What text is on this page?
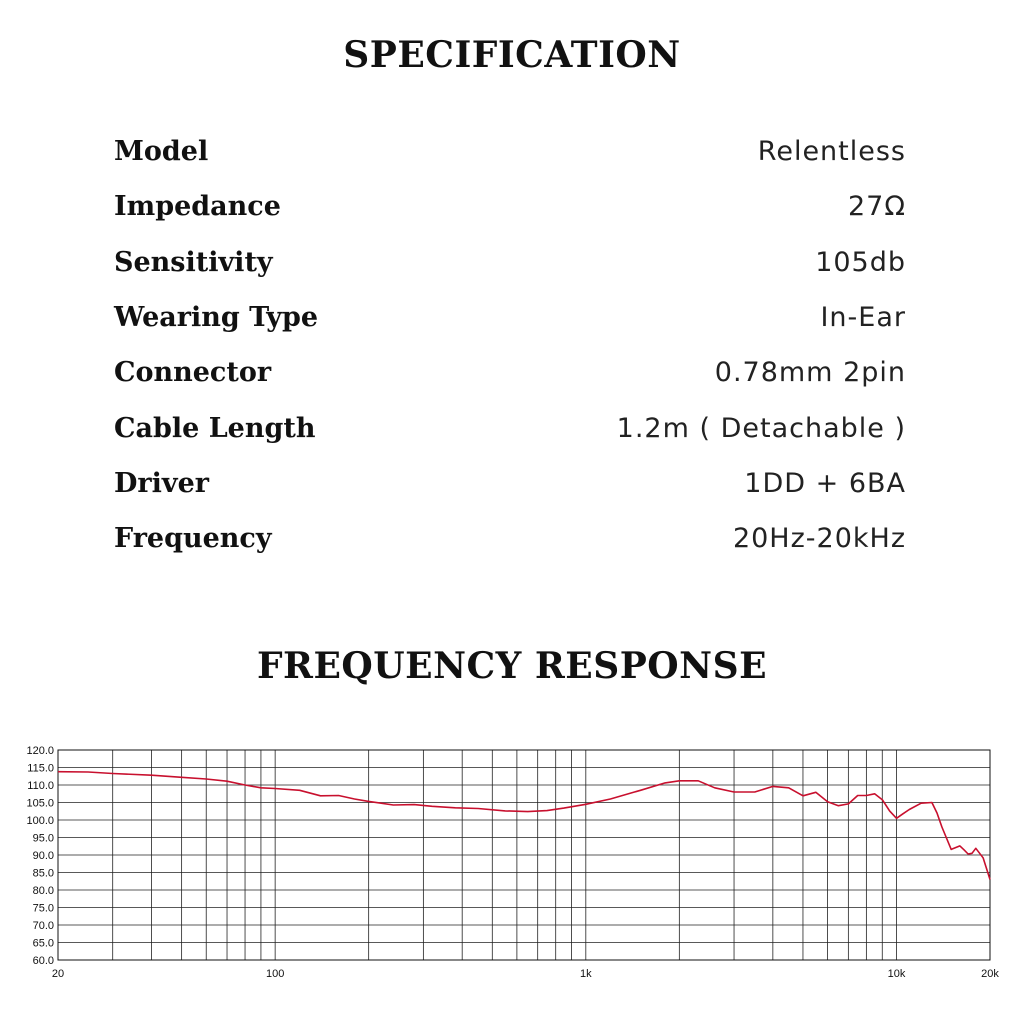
SPECIFICATION
Model	Relentless
Impedance	27Ω
Sensitivity	105db
Wearing Type	In-Ear
Connector	0.78mm 2pin
Cable Length	1.2m ( Detachable )
Driver	1DD + 6BA
Frequency	20Hz-20kHz
FREQUENCY RESPONSE
60.0
65.0
70.0
75.0
80.0
85.0
90.0
95.0
100.0
105.0
110.0
115.0
120.0
20	100	1k	10k	20k
